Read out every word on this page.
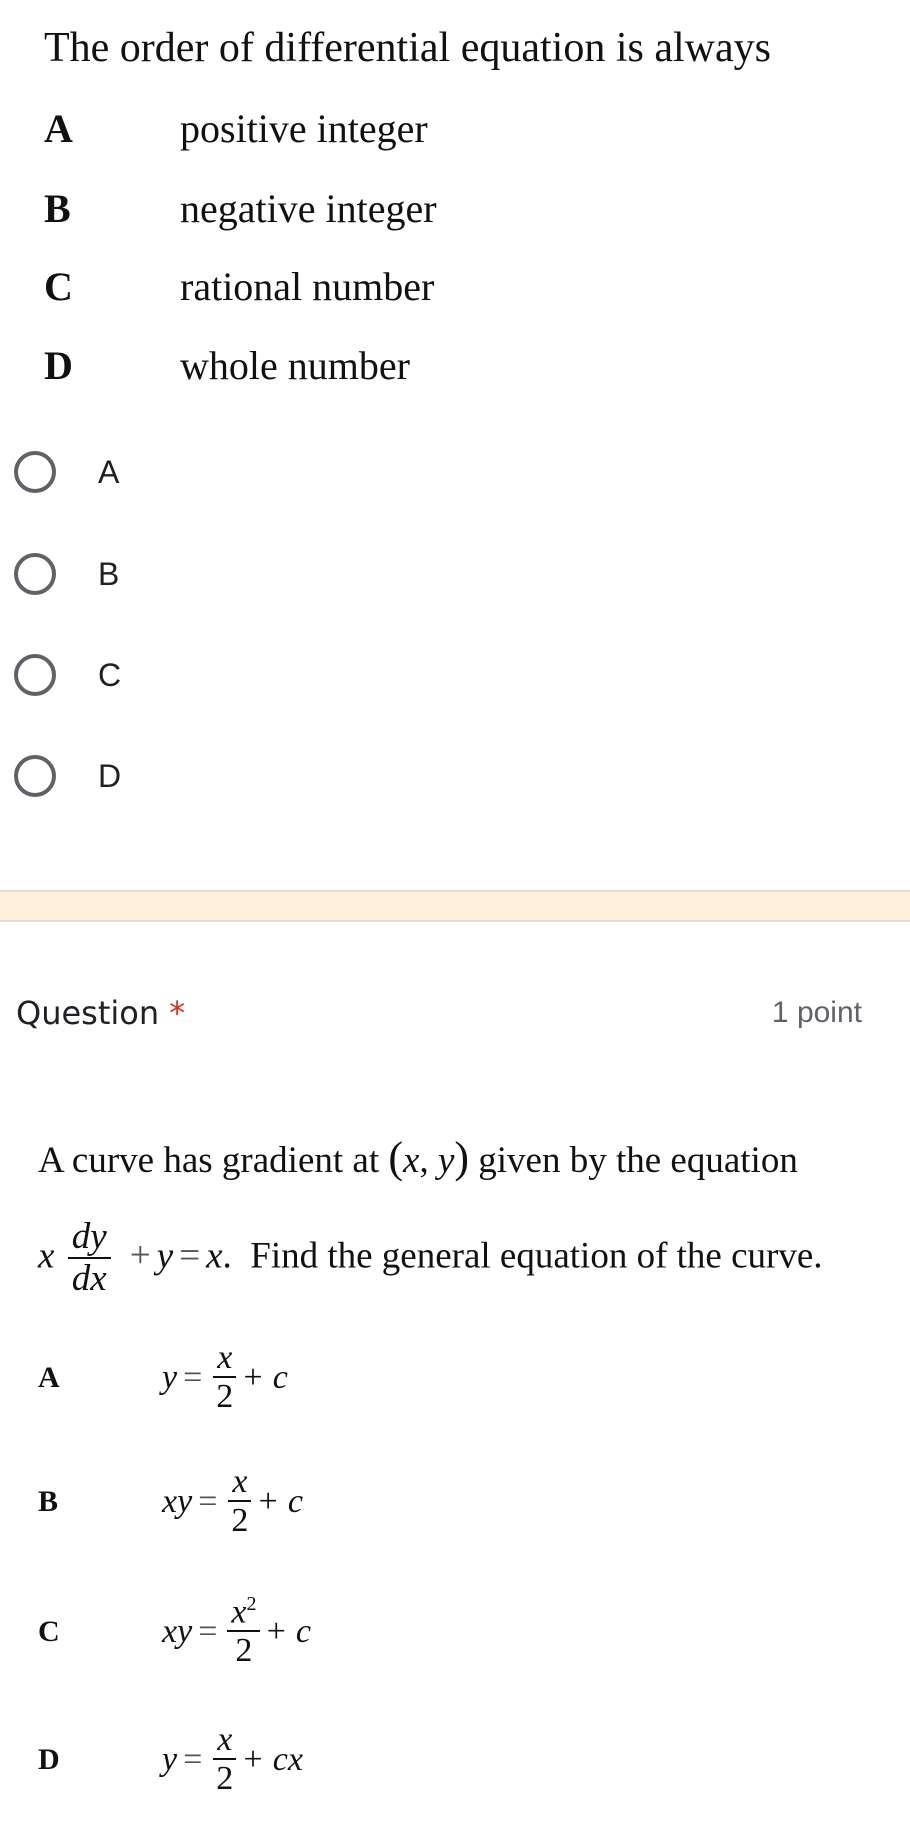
The order of differential equation is always
A	positive integer
B	negative integer
C	rational number
D	whole number
A
B
C
D
Question *	1 point
A curve has gradient at (x, y) given by the equation
x $\frac{dy}{dx} + y = x$.  Find the general equation of the curve.
A	$y = \frac{x}{2} + c$
B	xy = $\frac{x}{2} + c$
C	xy = $\frac{x^2}{2} + c$
D	$y = \frac{x}{2}$ + cx
